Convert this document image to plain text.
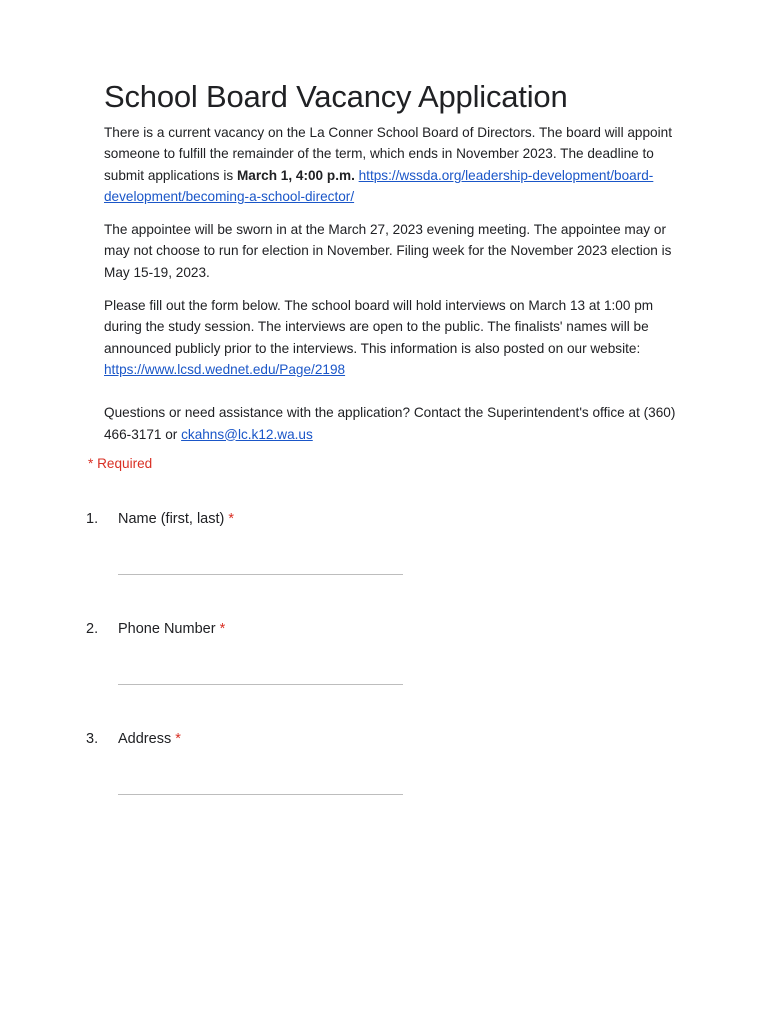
School Board Vacancy Application

There is a current vacancy on the La Conner School Board of Directors. The board will appoint someone to fulfill the remainder of the term, which ends in November 2023. The deadline to submit applications is March 1, 4:00 p.m. https://wssda.org/leadership-development/board-development/becoming-a-school-director/

The appointee will be sworn in at the March 27, 2023 evening meeting. The appointee may or may not choose to run for election in November. Filing week for the November 2023 election is May 15-19, 2023.

Please fill out the form below. The school board will hold interviews on March 13 at 1:00 pm during the study session. The interviews are open to the public. The finalists' names will be announced publicly prior to the interviews. This information is also posted on our website: https://www.lcsd.wednet.edu/Page/2198

Questions or need assistance with the application? Contact the Superintendent's office at (360) 466-3171 or ckahns@lc.k12.wa.us

* Required
1. Name (first, last) *
2. Phone Number *
3. Address *
